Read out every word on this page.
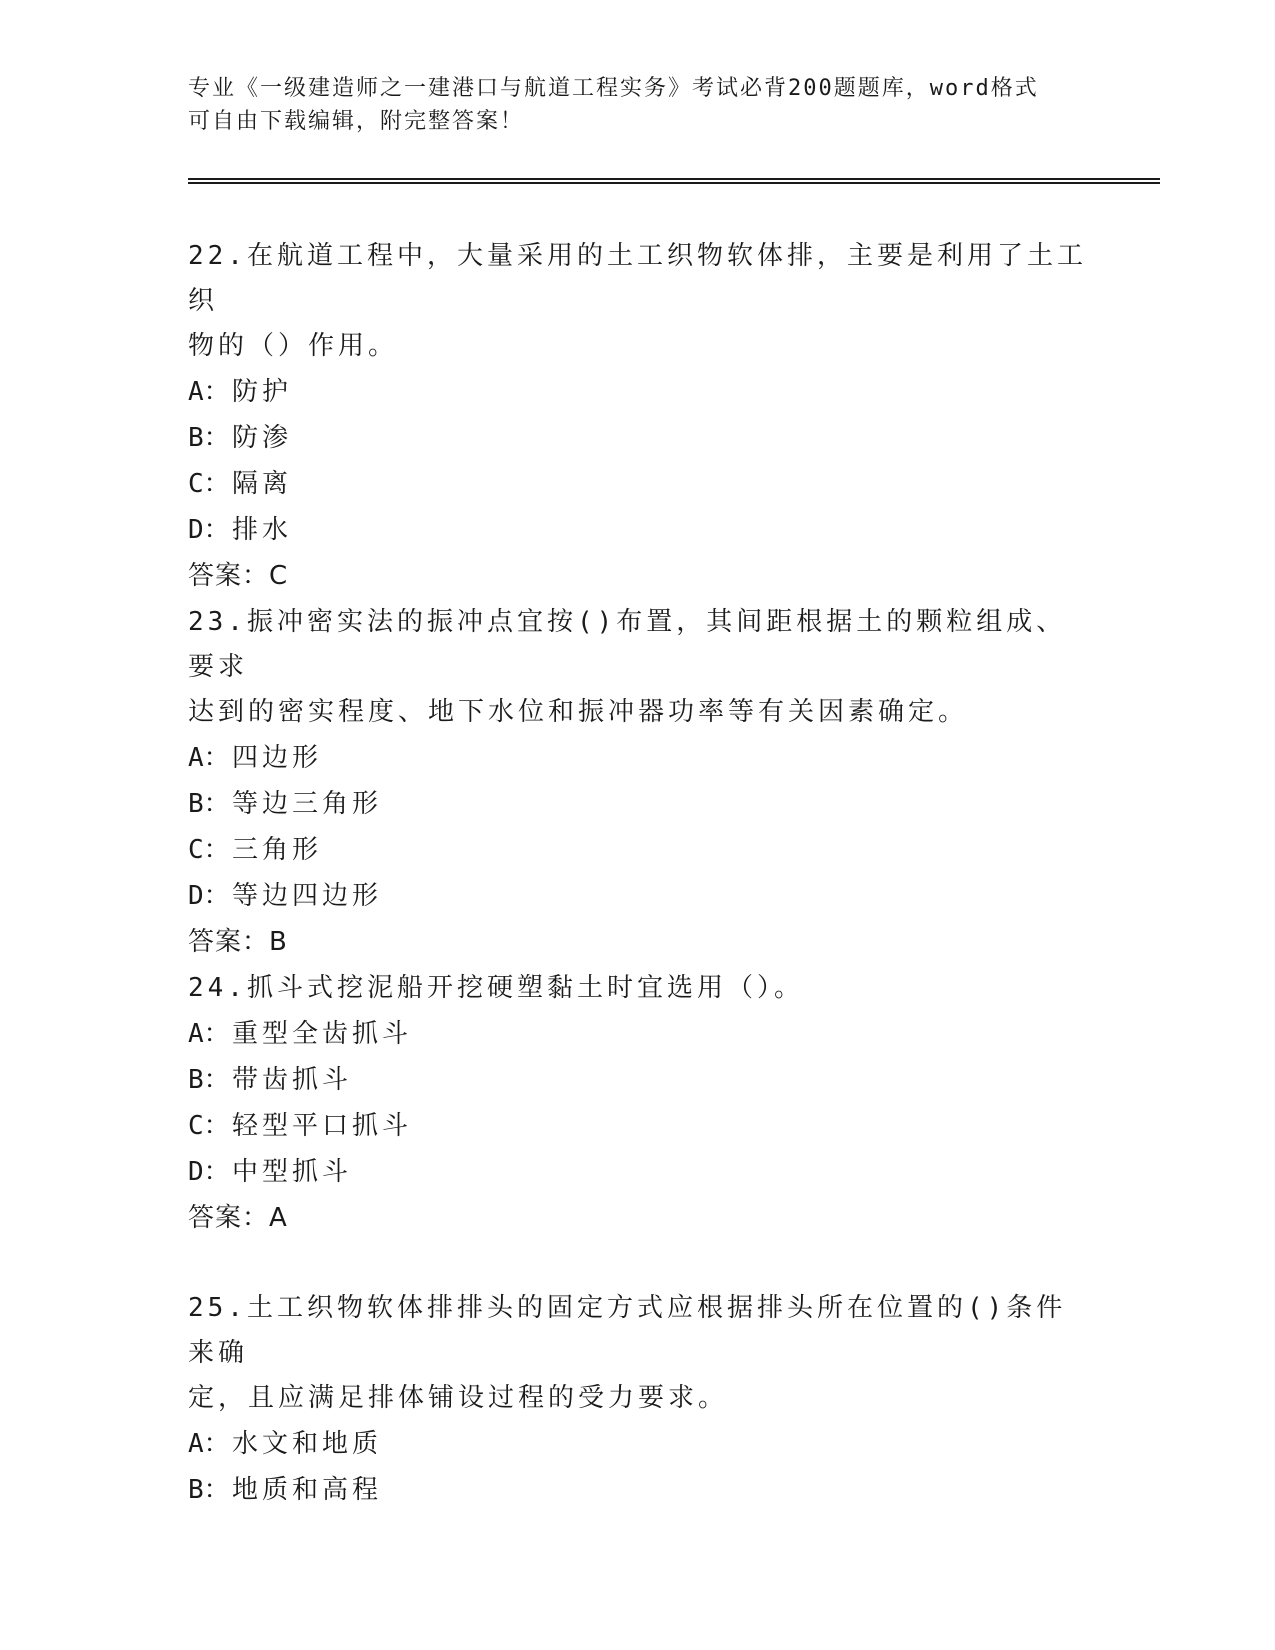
专业《一级建造师之一建港口与航道工程实务》考试必背200题题库，word格式
可自由下载编辑，附完整答案！
22.在航道工程中，大量采用的土工织物软体排，主要是利用了土工织
物的（）作用。
A：防护
B：防渗
C：隔离
D：排水
答案：C
23.振冲密实法的振冲点宜按()布置，其间距根据土的颗粒组成、要求
达到的密实程度、地下水位和振冲器功率等有关因素确定。
A：四边形
B：等边三角形
C：三角形
D：等边四边形
答案：B
24.抓斗式挖泥船开挖硬塑黏土时宜选用（）。
A：重型全齿抓斗
B：带齿抓斗
C：轻型平口抓斗
D：中型抓斗
答案：A
25.土工织物软体排排头的固定方式应根据排头所在位置的()条件来确
定，且应满足排体铺设过程的受力要求。
A：水文和地质
B：地质和高程
